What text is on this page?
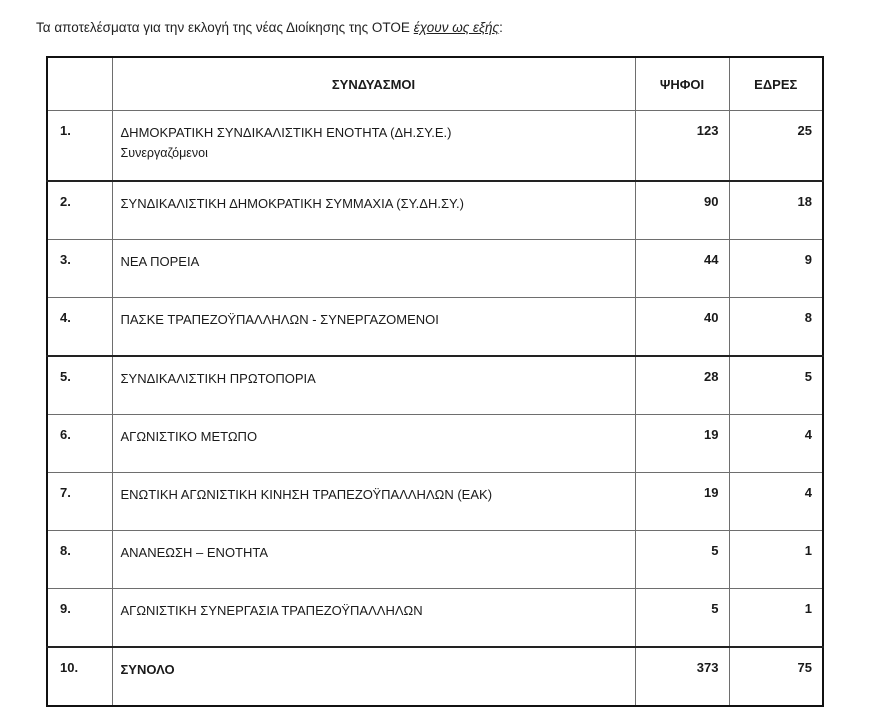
Τα αποτελέσματα για την εκλογή της νέας Διοίκησης της ΟΤΟΕ έχουν ως εξής:
	ΣΥΝΔΥΑΣΜΟΙ	ΨΗΦΟΙ	ΕΔΡΕΣ
1.	ΔΗΜΟΚΡΑΤΙΚΗ ΣΥΝΔΙΚΑΛΙΣΤΙΚΗ ΕΝΟΤΗΤΑ (ΔΗ.ΣΥ.Ε.)
Συνεργαζόμενοι	123	25
2.	ΣΥΝΔΙΚΑΛΙΣΤΙΚΗ ΔΗΜΟΚΡΑΤΙΚΗ ΣΥΜΜΑΧΙΑ (ΣΥ.ΔΗ.ΣΥ.)	90	18
3.	ΝΕΑ ΠΟΡΕΙΑ	44	9
4.	ΠΑΣΚΕ ΤΡΑΠΕΖΟΫΠΑΛΛΗΛΩΝ - ΣΥΝΕΡΓΑΖΟΜΕΝΟΙ	40	8
5.	ΣΥΝΔΙΚΑΛΙΣΤΙΚΗ ΠΡΩΤΟΠΟΡΙΑ	28	5
6.	ΑΓΩΝΙΣΤΙΚΟ ΜΕΤΩΠΟ	19	4
7.	ΕΝΩΤΙΚΗ ΑΓΩΝΙΣΤΙΚΗ ΚΙΝΗΣΗ ΤΡΑΠΕΖΟΫΠΑΛΛΗΛΩΝ (ΕΑΚ)	19	4
8.	ΑΝΑΝΕΩΣΗ – ΕΝΟΤΗΤΑ	5	1
9.	ΑΓΩΝΙΣΤΙΚΗ ΣΥΝΕΡΓΑΣΙΑ ΤΡΑΠΕΖΟΫΠΑΛΛΗΛΩΝ	5	1
10.	ΣΥΝΟΛΟ	373	75
